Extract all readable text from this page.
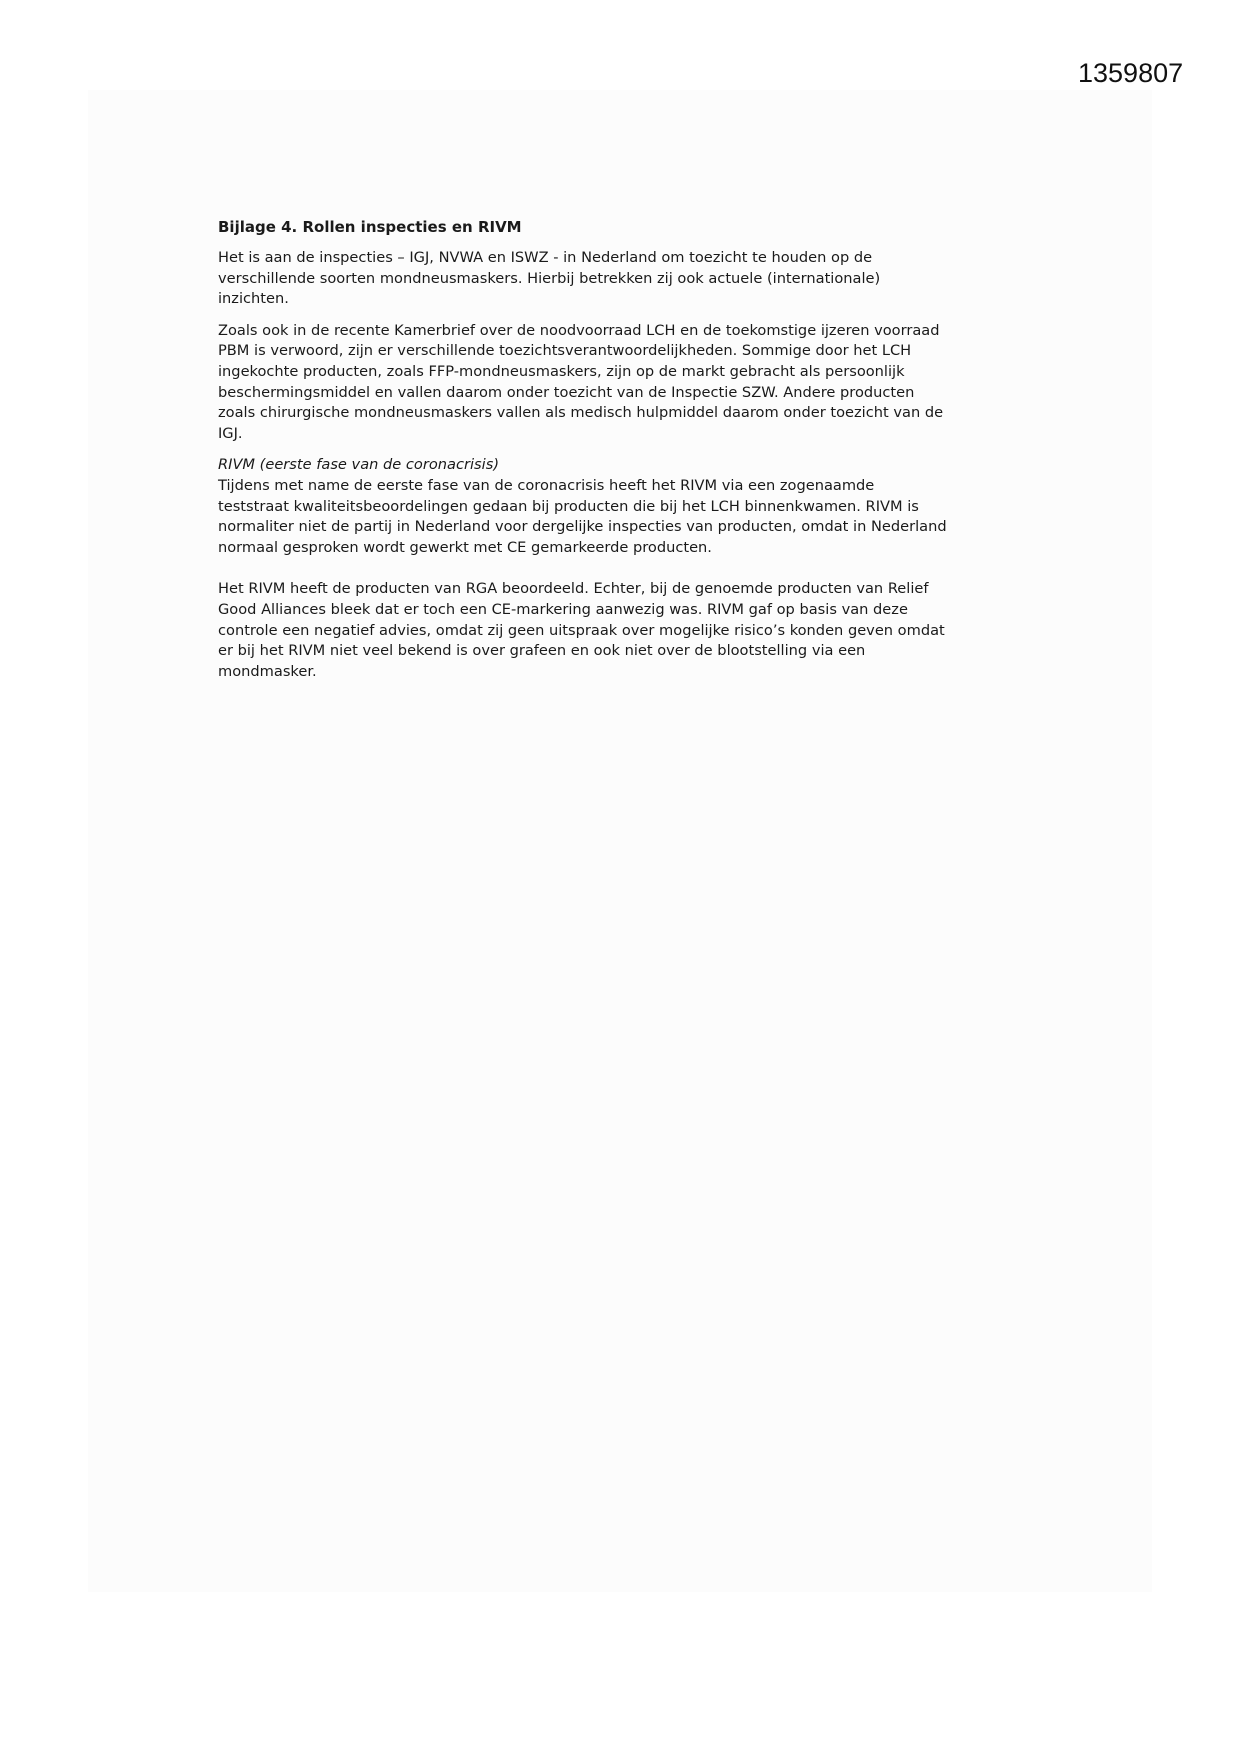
1359807
Bijlage 4. Rollen inspecties en RIVM
Het is aan de inspecties – IGJ, NVWA en ISWZ - in Nederland om toezicht te houden op de
verschillende soorten mondneusmaskers. Hierbij betrekken zij ook actuele (internationale)
inzichten.
Zoals ook in de recente Kamerbrief over de noodvoorraad LCH en de toekomstige ijzeren voorraad
PBM is verwoord, zijn er verschillende toezichtsverantwoordelijkheden. Sommige door het LCH
ingekochte producten, zoals FFP-mondneusmaskers, zijn op de markt gebracht als persoonlijk
beschermingsmiddel en vallen daarom onder toezicht van de Inspectie SZW. Andere producten
zoals chirurgische mondneusmaskers vallen als medisch hulpmiddel daarom onder toezicht van de
IGJ.
RIVM (eerste fase van de coronacrisis)
Tijdens met name de eerste fase van de coronacrisis heeft het RIVM via een zogenaamde
teststraat kwaliteitsbeoordelingen gedaan bij producten die bij het LCH binnenkwamen. RIVM is
normaliter niet de partij in Nederland voor dergelijke inspecties van producten, omdat in Nederland
normaal gesproken wordt gewerkt met CE gemarkeerde producten.
Het RIVM heeft de producten van RGA beoordeeld. Echter, bij de genoemde producten van Relief
Good Alliances bleek dat er toch een CE-markering aanwezig was. RIVM gaf op basis van deze
controle een negatief advies, omdat zij geen uitspraak over mogelijke risico’s konden geven omdat
er bij het RIVM niet veel bekend is over grafeen en ook niet over de blootstelling via een
mondmasker.
